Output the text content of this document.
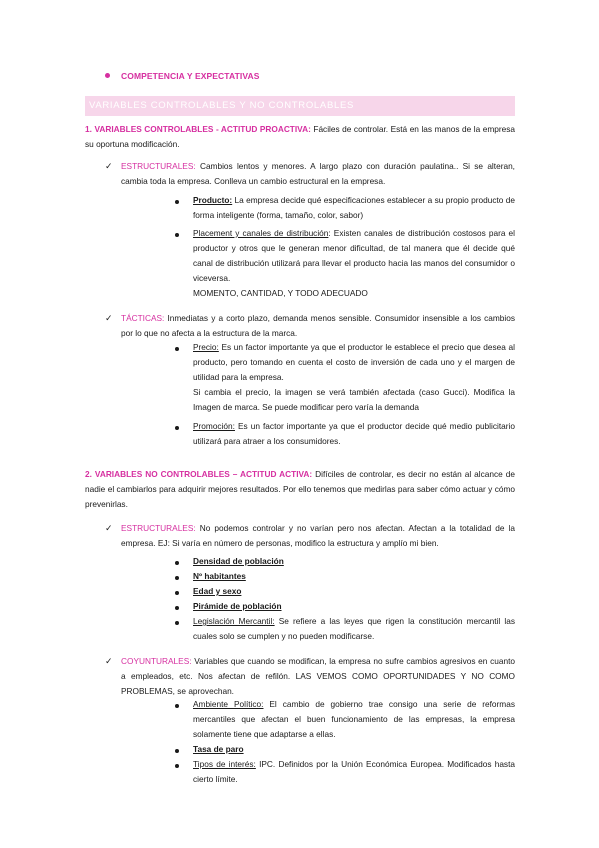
COMPETENCIA Y EXPECTATIVAS
VARIABLES CONTROLABLES Y NO CONTROLABLES
1. VARIABLES CONTROLABLES - ACTITUD PROACTIVA: Fáciles de controlar. Está en las manos de la empresa su oportuna modificación.
✓ ESTRUCTURALES: Cambios lentos y menores. A largo plazo con duración paulatina.. Si se alteran, cambia toda la empresa. Conlleva un cambio estructural en la empresa.
Producto: La empresa decide qué especificaciones establecer a su propio producto de forma inteligente (forma, tamaño, color, sabor)
Placement y canales de distribución: Existen canales de distribución costosos para el productor y otros que le generan menor dificultad, de tal manera que él decide qué canal de distribución utilizará para llevar el producto hacia las manos del consumidor o viceversa.
MOMENTO, CANTIDAD, Y TODO ADECUADO
✓ TÁCTICAS: Inmediatas y a corto plazo, demanda menos sensible. Consumidor insensible a los cambios por lo que no afecta a la estructura de la marca.
Precio: Es un factor importante ya que el productor le establece el precio que desea al producto, pero tomando en cuenta el costo de inversión de cada uno y el margen de utilidad para la empresa.
Si cambia el precio, la imagen se verá también afectada (caso Gucci). Modifica la Imagen de marca. Se puede modificar pero varía la demanda
Promoción: Es un factor importante ya que el productor decide qué medio publicitario utilizará para atraer a los consumidores.
2. VARIABLES NO CONTROLABLES – ACTITUD ACTIVA: Difíciles de controlar, es decir no están al alcance de nadie el cambiarlos para adquirir mejores resultados. Por ello tenemos que medirlas para saber cómo actuar y cómo prevenirlas.
✓ ESTRUCTURALES: No podemos controlar y no varían pero nos afectan. Afectan a la totalidad de la empresa. EJ: Si varía en número de personas, modifico la estructura y amplío mi bien.
Densidad de población
Nº habitantes
Edad y sexo
Pirámide de población
Legislación Mercantil: Se refiere a las leyes que rigen la constitución mercantil las cuales solo se cumplen y no pueden modificarse.
✓ COYUNTURALES: Variables que cuando se modifican, la empresa no sufre cambios agresivos en cuanto a empleados, etc. Nos afectan de refilón. LAS VEMOS COMO OPORTUNIDADES Y NO COMO PROBLEMAS, se aprovechan.
Ambiente Político: El cambio de gobierno trae consigo una serie de reformas mercantiles que afectan el buen funcionamiento de las empresas, la empresa solamente tiene que adaptarse a ellas.
Tasa de paro
Tipos de interés: IPC. Definidos por la Unión Económica Europea. Modificados hasta cierto límite.
